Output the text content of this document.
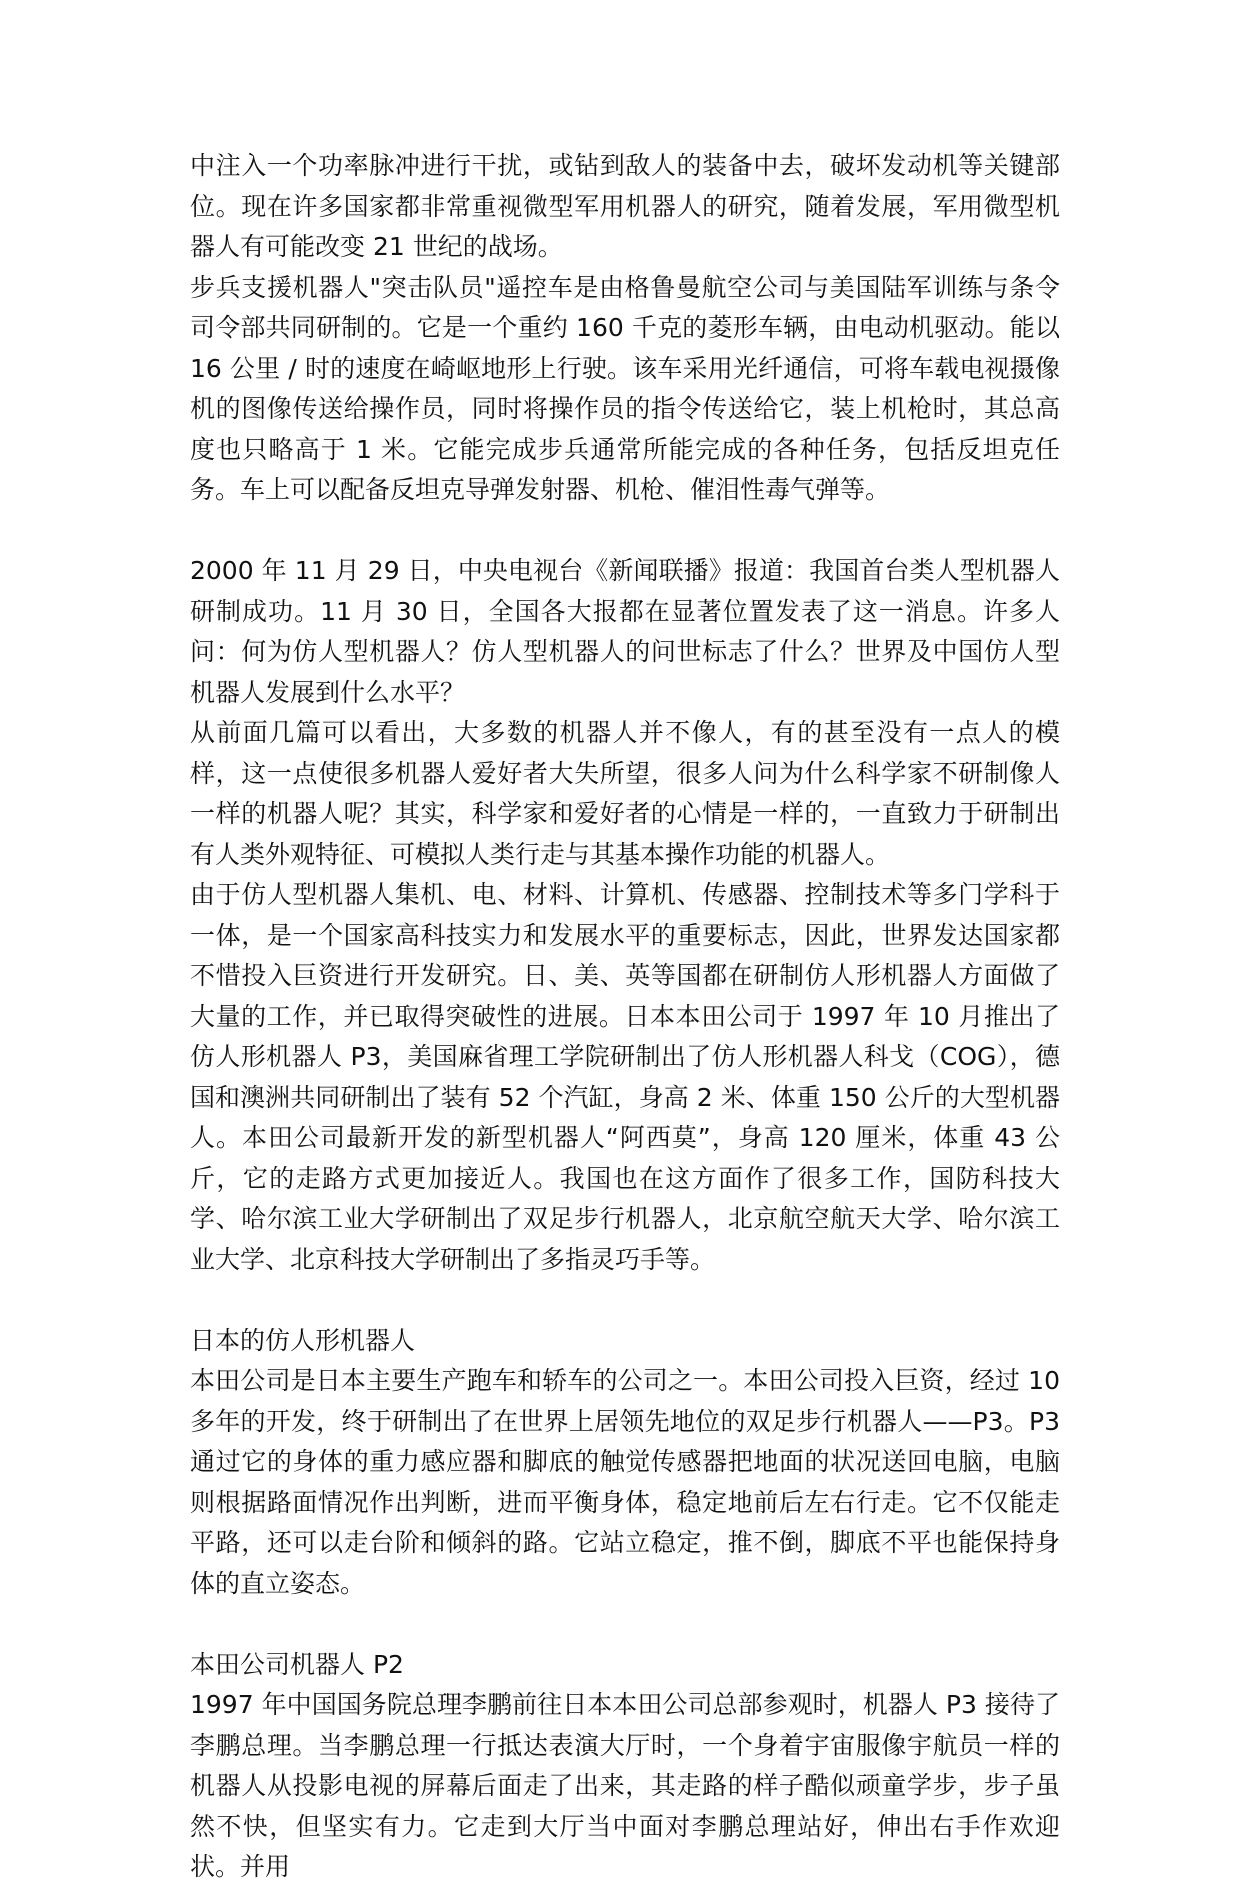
中注入一个功率脉冲进行干扰，或钻到敌人的装备中去，破坏发动机等关键部位。现在许多国家都非常重视微型军用机器人的研究，随着发展，军用微型机器人有可能改变 21 世纪的战场。

步兵支援机器人"突击队员"遥控车是由格鲁曼航空公司与美国陆军训练与条令司令部共同研制的。它是一个重约 160 千克的菱形车辆，由电动机驱动。能以 16 公里 / 时的速度在崎岖地形上行驶。该车采用光纤通信，可将车载电视摄像机的图像传送给操作员，同时将操作员的指令传送给它，装上机枪时，其总高度也只略高于 1 米。它能完成步兵通常所能完成的各种任务，包括反坦克任务。车上可以配备反坦克导弹发射器、机枪、催泪性毒气弹等。

2000 年 11 月 29 日，中央电视台《新闻联播》报道：我国首台类人型机器人研制成功。11 月 30 日，全国各大报都在显著位置发表了这一消息。许多人问：何为仿人型机器人？仿人型机器人的问世标志了什么？世界及中国仿人型机器人发展到什么水平？

从前面几篇可以看出，大多数的机器人并不像人，有的甚至没有一点人的模样，这一点使很多机器人爱好者大失所望，很多人问为什么科学家不研制像人一样的机器人呢？其实，科学家和爱好者的心情是一样的，一直致力于研制出有人类外观特征、可模拟人类行走与其基本操作功能的机器人。

由于仿人型机器人集机、电、材料、计算机、传感器、控制技术等多门学科于一体，是一个国家高科技实力和发展水平的重要标志，因此，世界发达国家都不惜投入巨资进行开发研究。日、美、英等国都在研制仿人形机器人方面做了大量的工作，并已取得突破性的进展。日本本田公司于 1997 年 10 月推出了仿人形机器人 P3，美国麻省理工学院研制出了仿人形机器人科戈（COG），德国和澳洲共同研制出了装有 52 个汽缸，身高 2 米、体重 150 公斤的大型机器人。本田公司最新开发的新型机器人“阿西莫”，身高 120 厘米，体重 43 公斤，它的走路方式更加接近人。我国也在这方面作了很多工作，国防科技大学、哈尔滨工业大学研制出了双足步行机器人，北京航空航天大学、哈尔滨工业大学、北京科技大学研制出了多指灵巧手等。

日本的仿人形机器人

本田公司是日本主要生产跑车和轿车的公司之一。本田公司投入巨资，经过 10 多年的开发，终于研制出了在世界上居领先地位的双足步行机器人——P3。P3 通过它的身体的重力感应器和脚底的触觉传感器把地面的状况送回电脑，电脑则根据路面情况作出判断，进而平衡身体，稳定地前后左右行走。它不仅能走平路，还可以走台阶和倾斜的路。它站立稳定，推不倒，脚底不平也能保持身体的直立姿态。

本田公司机器人 P2

1997 年中国国务院总理李鹏前往日本本田公司总部参观时，机器人 P3 接待了李鹏总理。当李鹏总理一行抵达表演大厅时，一个身着宇宙服像宇航员一样的机器人从投影电视的屏幕后面走了出来，其走路的样子酷似顽童学步，步子虽然不快，但坚实有力。它走到大厅当中面对李鹏总理站好，伸出右手作欢迎状。并用
